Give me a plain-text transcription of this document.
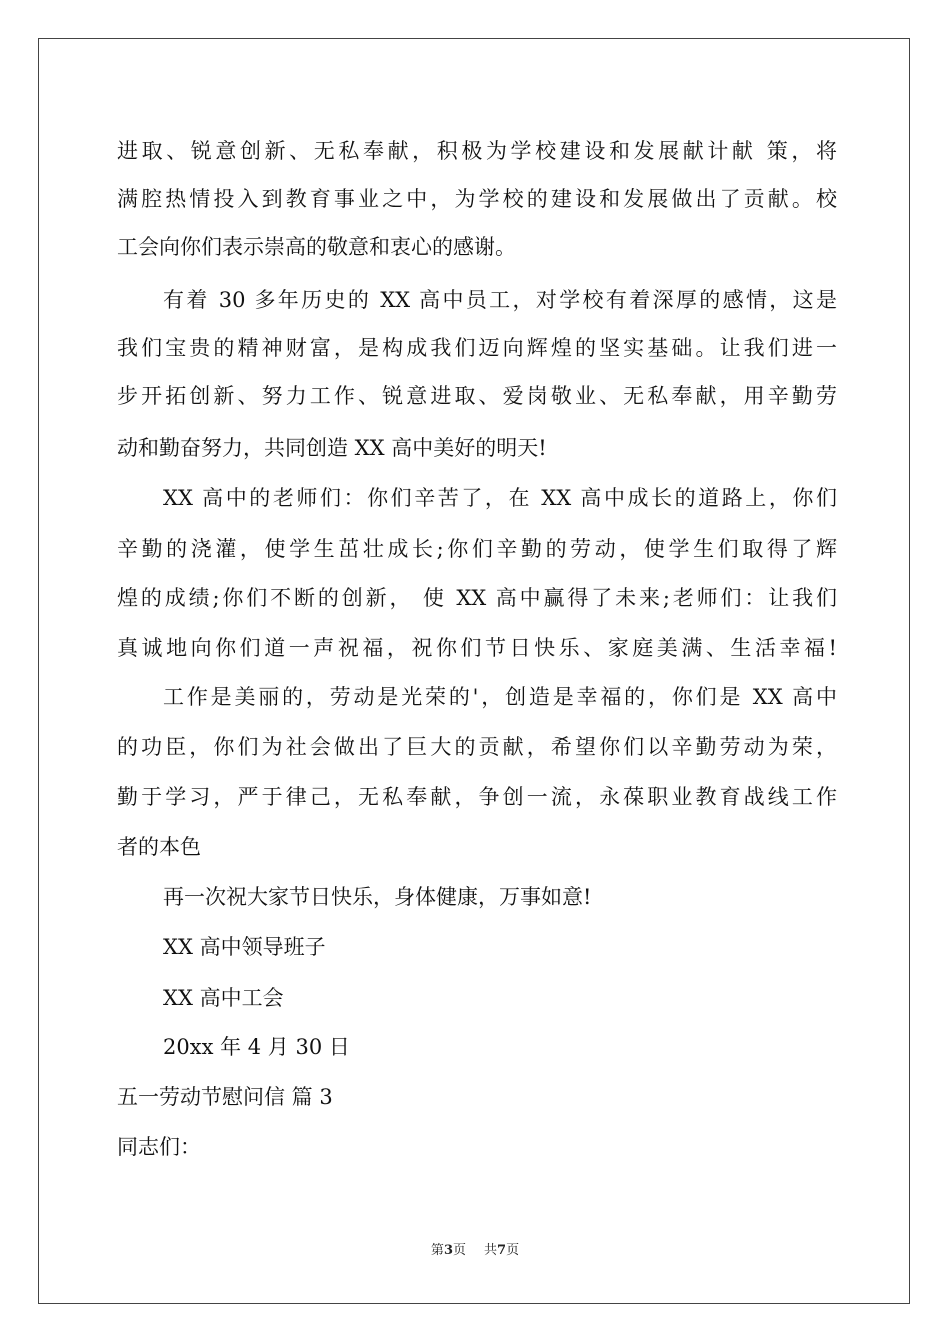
进取、锐意创新、无私奉献，积极为学校建设和发展献计献 策，将
满腔热情投入到教育事业之中，为学校的建设和发展做出了贡献。校
工会向你们表示崇高的敬意和衷心的感谢。
有着 30 多年历史的 XX 高中员工，对学校有着深厚的感情，这是
我们宝贵的精神财富，是构成我们迈向辉煌的坚实基础。让我们进一
步开拓创新、努力工作、锐意进取、爱岗敬业、无私奉献，用辛勤劳
动和勤奋努力，共同创造 XX 高中美好的明天!
XX 高中的老师们：你们辛苦了，在 XX 高中成长的道路上，你们
辛勤的浇灌，使学生茁壮成长;你们辛勤的劳动，使学生们取得了辉
煌的成绩;你们不断的创新， 使 XX 高中赢得了未来;老师们：让我们
真诚地向你们道一声祝福，祝你们节日快乐、家庭美满、生活幸福!
工作是美丽的，劳动是光荣的'，创造是幸福的，你们是 XX 高中
的功臣，你们为社会做出了巨大的贡献，希望你们以辛勤劳动为荣，
勤于学习，严于律己，无私奉献，争创一流，永葆职业教育战线工作
者的本色
再一次祝大家节日快乐，身体健康，万事如意!
XX 高中领导班子
XX 高中工会
20xx 年 4 月 30 日
五一劳动节慰问信 篇 3
同志们：
第3页 共7页
